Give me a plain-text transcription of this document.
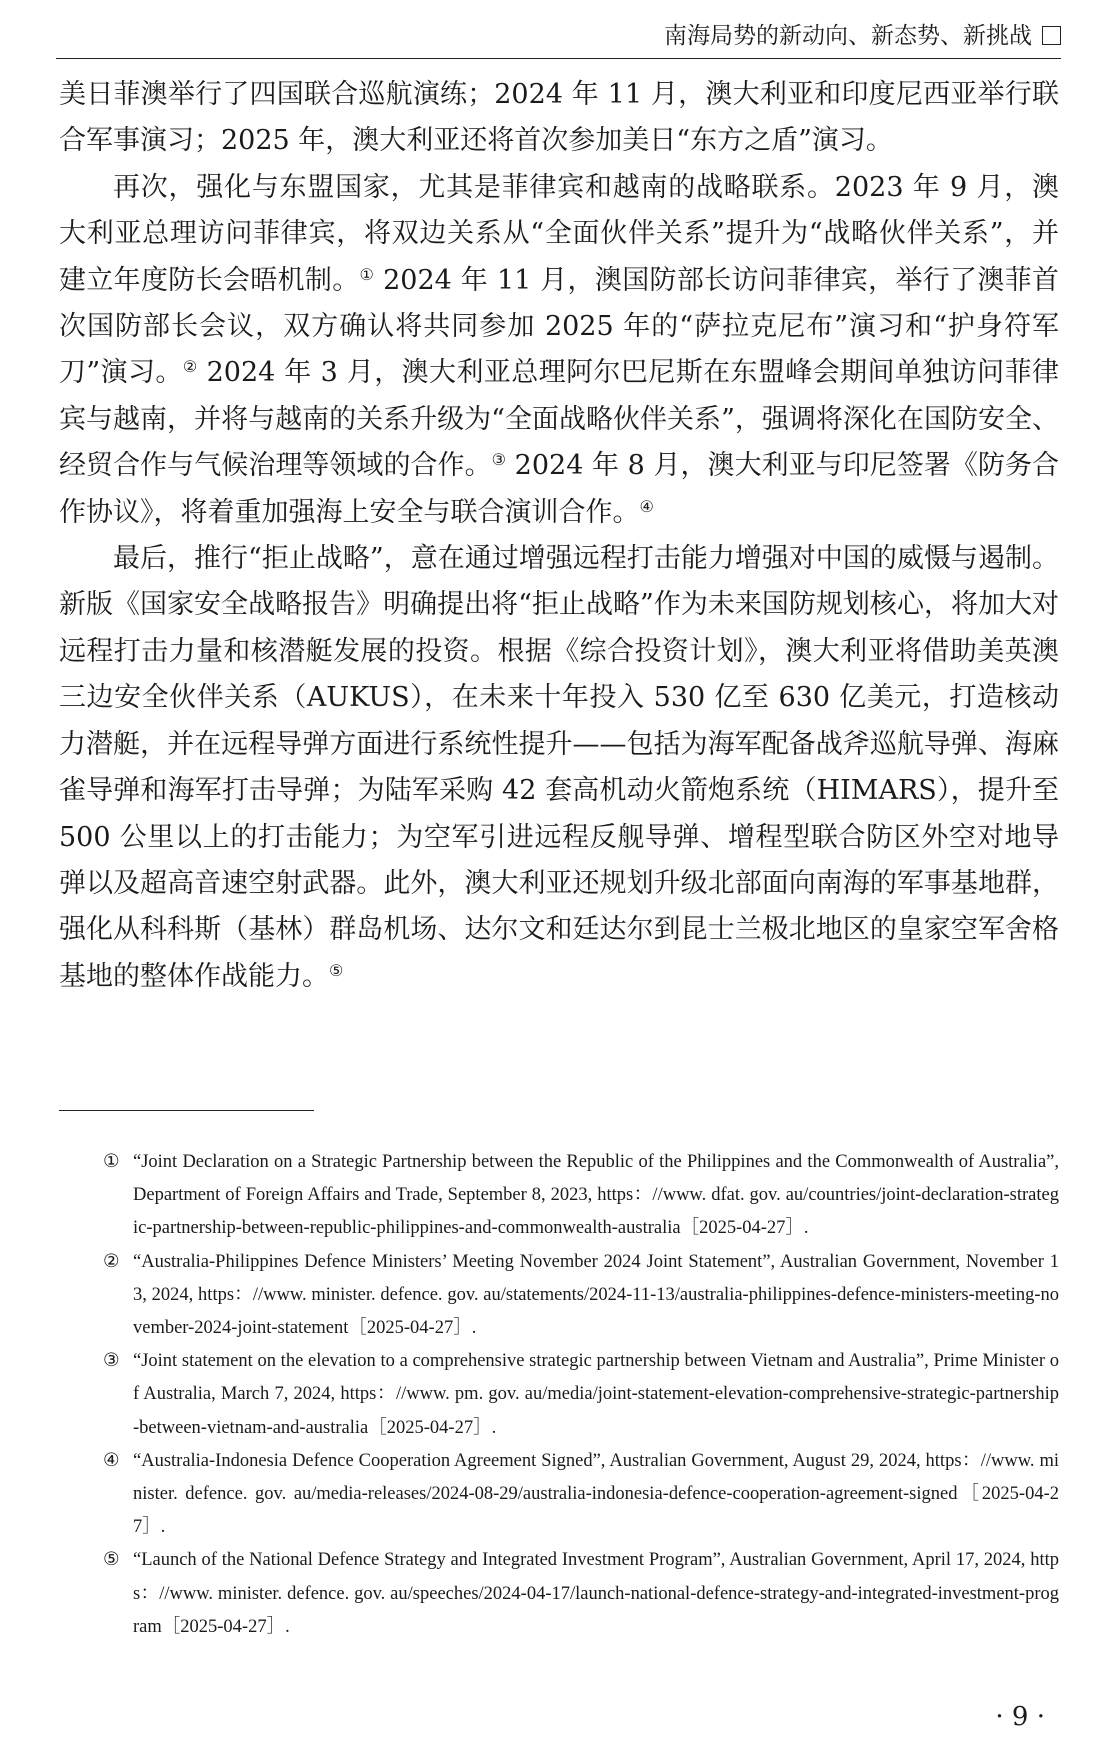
南海局势的新动向、新态势、新挑战

美日菲澳举行了四国联合巡航演练；2024 年 11 月，澳大利亚和印度尼西亚举行联合军事演习；2025 年，澳大利亚还将首次参加美日“东方之盾”演习。

再次，强化与东盟国家，尤其是菲律宾和越南的战略联系。2023 年 9 月，澳大利亚总理访问菲律宾，将双边关系从“全面伙伴关系”提升为“战略伙伴关系”，并建立年度防长会晤机制。① 2024 年 11 月，澳国防部长访问菲律宾，举行了澳菲首次国防部长会议，双方确认将共同参加 2025 年的“萨拉克尼布”演习和“护身符军刀”演习。② 2024 年 3 月，澳大利亚总理阿尔巴尼斯在东盟峰会期间单独访问菲律宾与越南，并将与越南的关系升级为“全面战略伙伴关系”，强调将深化在国防安全、经贸合作与气候治理等领域的合作。③ 2024 年 8 月，澳大利亚与印尼签署《防务合作协议》，将着重加强海上安全与联合演训合作。④

最后，推行“拒止战略”，意在通过增强远程打击能力增强对中国的威慑与遏制。新版《国家安全战略报告》明确提出将“拒止战略”作为未来国防规划核心，将加大对远程打击力量和核潜艇发展的投资。根据《综合投资计划》，澳大利亚将借助美英澳三边安全伙伴关系（AUKUS），在未来十年投入 530 亿至 630 亿美元，打造核动力潜艇，并在远程导弹方面进行系统性提升——包括为海军配备战斧巡航导弹、海麻雀导弹和海军打击导弹；为陆军采购 42 套高机动火箭炮系统（HIMARS），提升至 500 公里以上的打击能力；为空军引进远程反舰导弹、增程型联合防区外空对地导弹以及超高音速空射武器。此外，澳大利亚还规划升级北部面向南海的军事基地群，强化从科科斯（基林）群岛机场、达尔文和廷达尔到昆士兰极北地区的皇家空军舍格基地的整体作战能力。⑤

① “Joint Declaration on a Strategic Partnership between the Republic of the Philippines and the Commonwealth of Australia”, Department of Foreign Affairs and Trade, September 8, 2023, https：//www. dfat. gov. au/countries/joint-declaration-strategic-partnership-between-republic-philippines-and-commonwealth-australia［2025-04-27］.
② “Australia-Philippines Defence Ministers’ Meeting November 2024 Joint Statement”, Australian Government, November 13, 2024, https：//www. minister. defence. gov. au/statements/2024-11-13/australia-philippines-defence-ministers-meeting-november-2024-joint-statement［2025-04-27］.
③ “Joint statement on the elevation to a comprehensive strategic partnership between Vietnam and Australia”, Prime Minister of Australia, March 7, 2024, https：//www. pm. gov. au/media/joint-statement-elevation-comprehensive-strategic-partnership-between-vietnam-and-australia［2025-04-27］.
④ “Australia-Indonesia Defence Cooperation Agreement Signed”, Australian Government, August 29, 2024, https：//www. minister. defence. gov. au/media-releases/2024-08-29/australia-indonesia-defence-cooperation-agreement-signed［2025-04-27］.
⑤ “Launch of the National Defence Strategy and Integrated Investment Program”, Australian Government, April 17, 2024, https：//www. minister. defence. gov. au/speeches/2024-04-17/launch-national-defence-strategy-and-integrated-investment-program［2025-04-27］.
· 9 ·
